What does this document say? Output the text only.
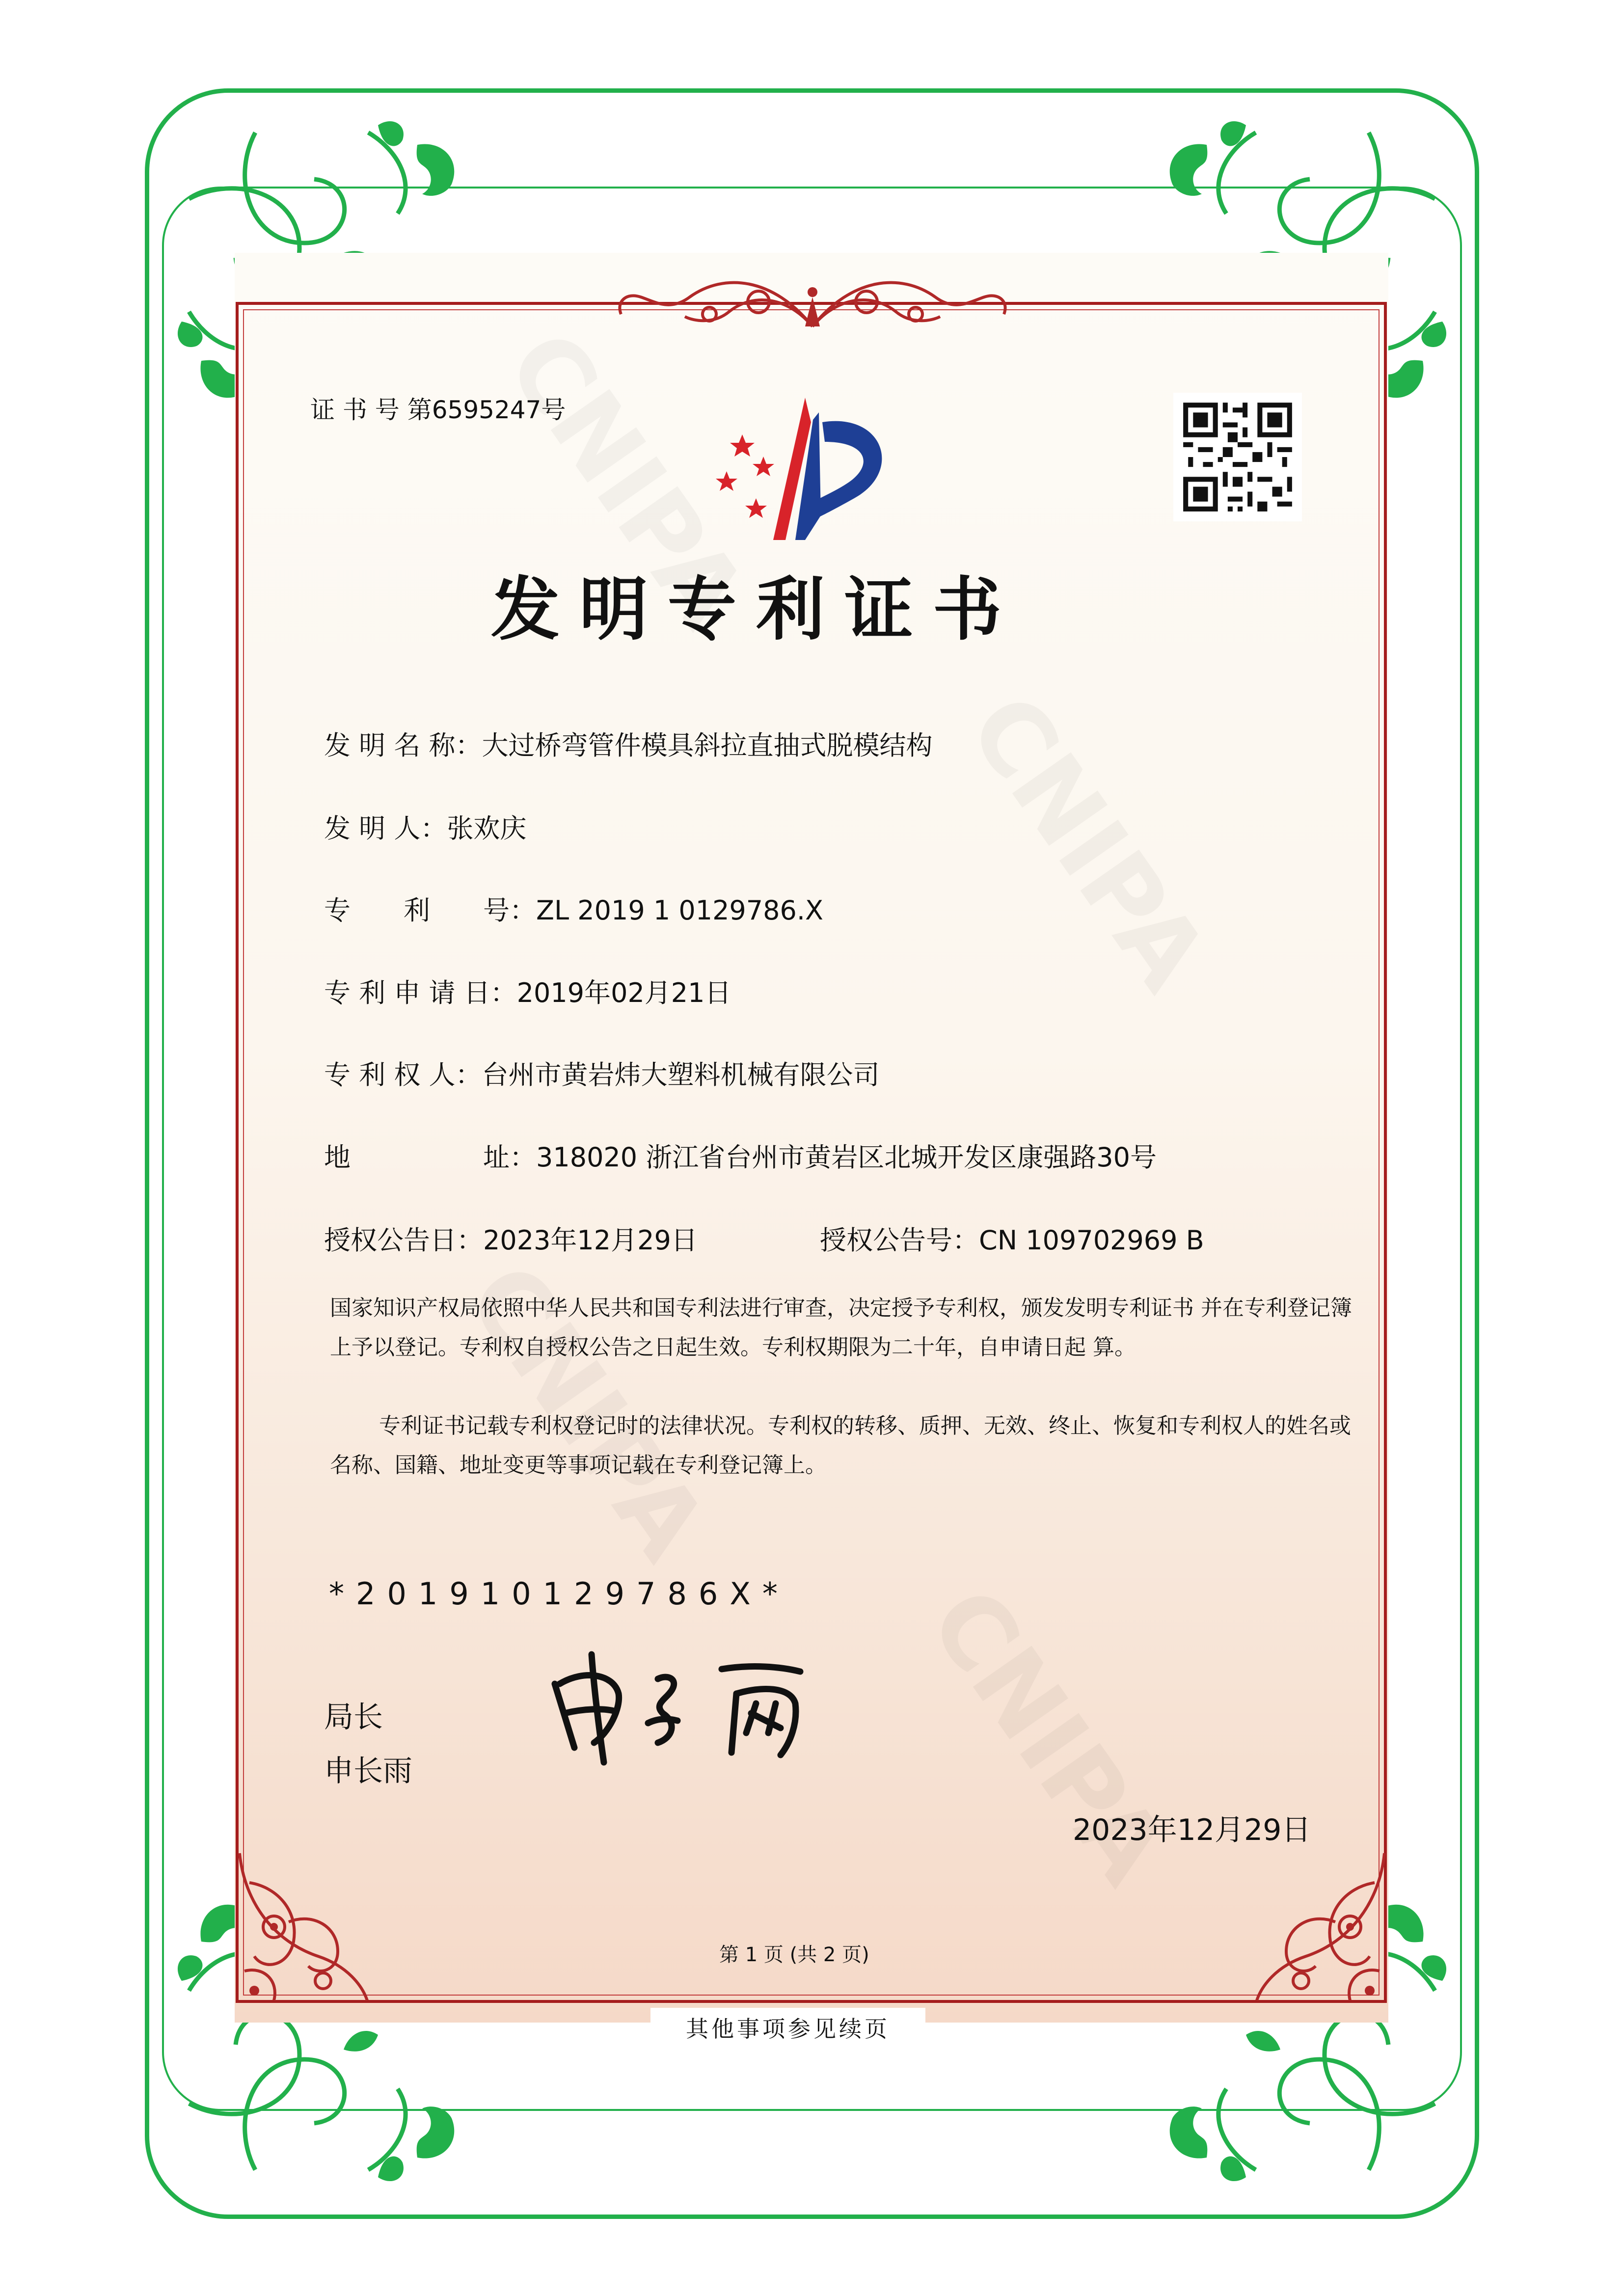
证 书 号 第6595247号
发明专利证书
发 明 名 称：大过桥弯管件模具斜拉直抽式脱模结构
发 明 人：张欢庆
专　　利　　号：ZL 2019 1 0129786.X
专 利 申 请 日：2019年02月21日
专 利 权 人：台州市黄岩炜大塑料机械有限公司
地　　　　　址：318020 浙江省台州市黄岩区北城开发区康强路30号
授权公告日：2023年12月29日	授权公告号：CN 109702969 B
国家知识产权局依照中华人民共和国专利法进行审查，决定授予专利权，颁发发明专利证书 并在专利登记簿上予以登记。专利权自授权公告之日起生效。专利权期限为二十年，自申请日起 算。
专利证书记载专利权登记时的法律状况。专利权的转移、质押、无效、终止、恢复和专利权人的姓名或名称、国籍、地址变更等事项记载在专利登记簿上。
*201910129786X*
局长
申长雨
2023年12月29日
第 1 页 (共 2 页)
其他事项参见续页
